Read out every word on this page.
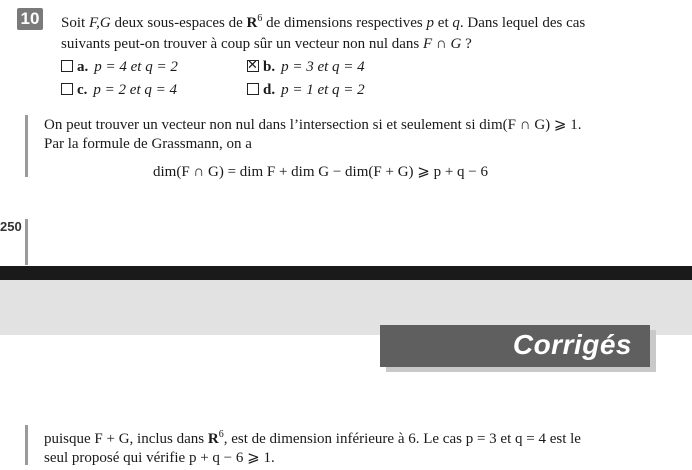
10 Soit F,G deux sous-espaces de $R^6$ de dimensions respectives p et q. Dans lequel des cas
suivants peut-on trouver à coup sûr un vecteur non nul dans F ∩ G ?
a. p = 4 et q = 2
✕	b. p = 3 et q = 4
c. p = 2 et q = 4	d. p = 1 et q = 2
On peut trouver un vecteur non nul dans l’intersection si et seulement si dim(F ∩ G) ⩾ 1.
Par la formule de Grassmann, on a
dim(F ∩ G) = dim F + dim G − dim(F + G) ⩾ p + q − 6
250
Corrigés
puisque F + G, inclus dans $R^6$, est de dimension inférieure à 6. Le cas p = 3 et q = 4 est le
seul proposé qui vérifie p + q − 6 ⩾ 1.
